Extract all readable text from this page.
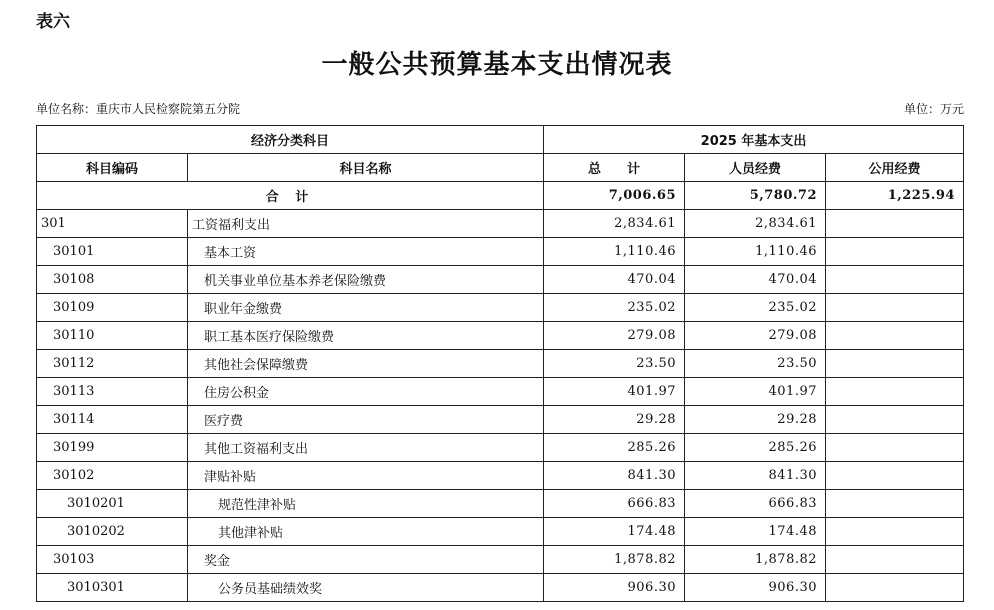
表六
一般公共预算基本支出情况表
单位名称：重庆市人民检察院第五分院	单位：万元
经济分类科目		2025 年基本支出		
科目编码	科目名称	总　　计	人员经费	公用经费
合 计		7,006.65	5,780.72	1,225.94
301	工资福利支出	2,834.61	2,834.61	
30101	基本工资	1,110.46	1,110.46	
30108	机关事业单位基本养老保险缴费	470.04	470.04	
30109	职业年金缴费	235.02	235.02	
30110	职工基本医疗保险缴费	279.08	279.08	
30112	其他社会保障缴费	23.50	23.50	
30113	住房公积金	401.97	401.97	
30114	医疗费	29.28	29.28	
30199	其他工资福利支出	285.26	285.26	
30102	津贴补贴	841.30	841.30	
3010201	规范性津补贴	666.83	666.83	
3010202	其他津补贴	174.48	174.48	
30103	奖金	1,878.82	1,878.82	
3010301	公务员基础绩效奖	906.30	906.30	
